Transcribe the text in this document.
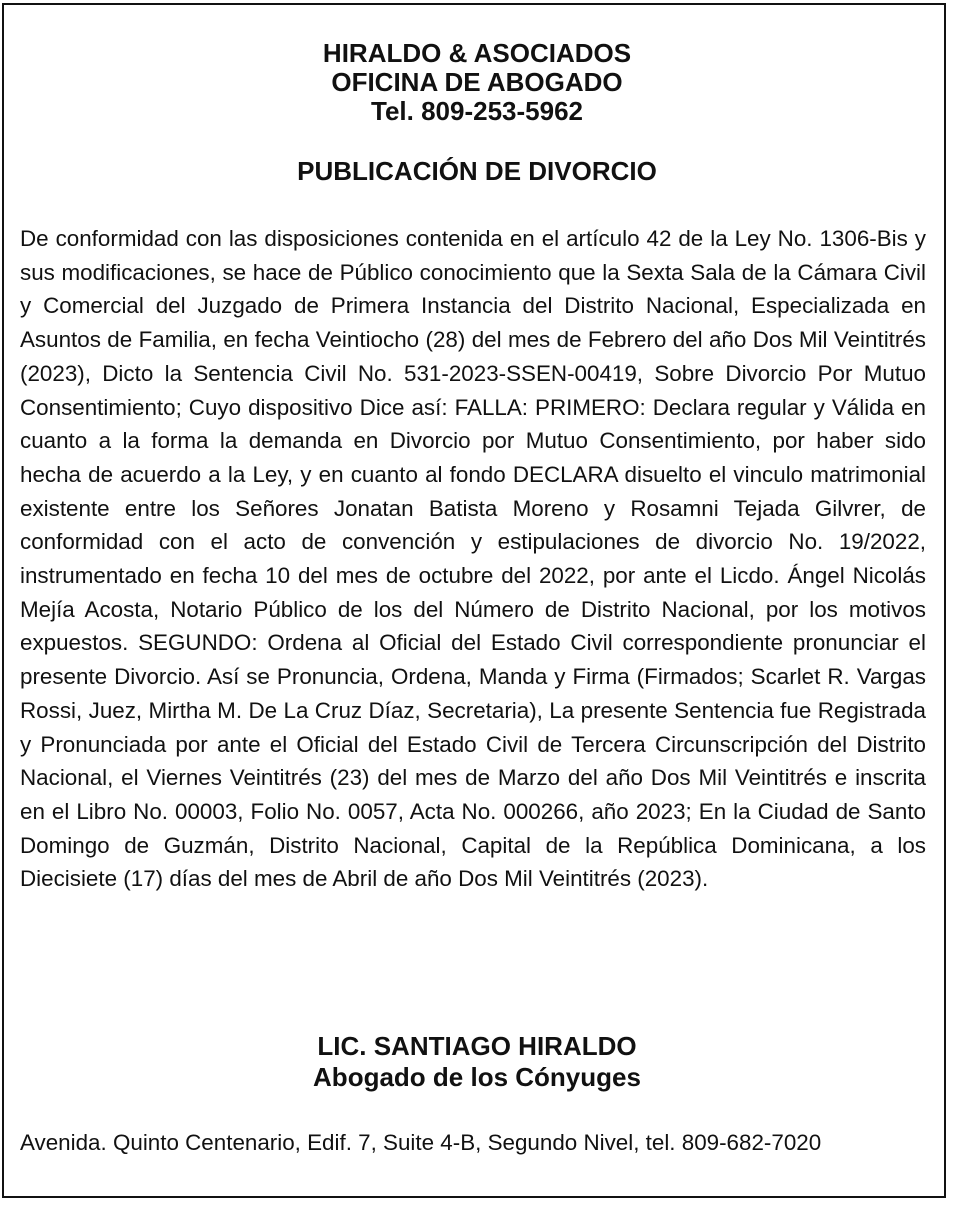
HIRALDO & ASOCIADOS
OFICINA DE ABOGADO
Tel. 809-253-5962
PUBLICACIÓN DE DIVORCIO

De conformidad con las disposiciones contenida en el artículo 42 de la Ley No. 1306-Bis y sus modificaciones, se hace de Público conocimiento que la Sexta Sala de la Cámara Civil y Comercial del Juzgado de Primera Instancia del Distrito Nacional, Especializada en Asuntos de Familia, en fecha Veintiocho (28) del mes de Febrero del año Dos Mil Veintitrés (2023), Dicto la Sentencia Civil No. 531-2023-SSEN-00419, Sobre Divorcio Por Mutuo Consentimiento; Cuyo dispositivo Dice así: FALLA: PRIMERO: Declara regular y Válida en cuanto a la forma la demanda en Divorcio por Mutuo Consentimiento, por haber sido hecha de acuerdo a la Ley, y en cuanto al fondo DECLARA disuelto el vinculo matrimonial existente entre los Señores Jonatan Batista Moreno y Rosamni Tejada Gilvrer, de conformidad con el acto de convención y estipulaciones de divorcio No. 19/2022, instrumentado en fecha 10 del mes de octubre del 2022, por ante el Licdo. Ángel Nicolás Mejía Acosta, Notario Público de los del Número de Distrito Nacional, por los motivos expuestos. SEGUNDO: Ordena al Oficial del Estado Civil correspondiente pronunciar el presente Divorcio. Así se Pronuncia, Ordena, Manda y Firma (Firmados; Scarlet R. Vargas Rossi, Juez, Mirtha M. De La Cruz Díaz, Secretaria), La presente Sentencia fue Registrada y Pronunciada por ante el Oficial del Estado Civil de Tercera Circunscripción del Distrito Nacional, el Viernes Veintitrés (23) del mes de Marzo del año Dos Mil Veintitrés e inscrita en el Libro No. 00003, Folio No. 0057, Acta No. 000266, año 2023; En la Ciudad de Santo Domingo de Guzmán, Distrito Nacional, Capital de la República Dominicana, a los Diecisiete (17) días del mes de Abril de año Dos Mil Veintitrés (2023).

LIC. SANTIAGO HIRALDO
Abogado de los Cónyuges
Avenida. Quinto Centenario, Edif. 7, Suite 4-B, Segundo Nivel, tel. 809-682-7020
